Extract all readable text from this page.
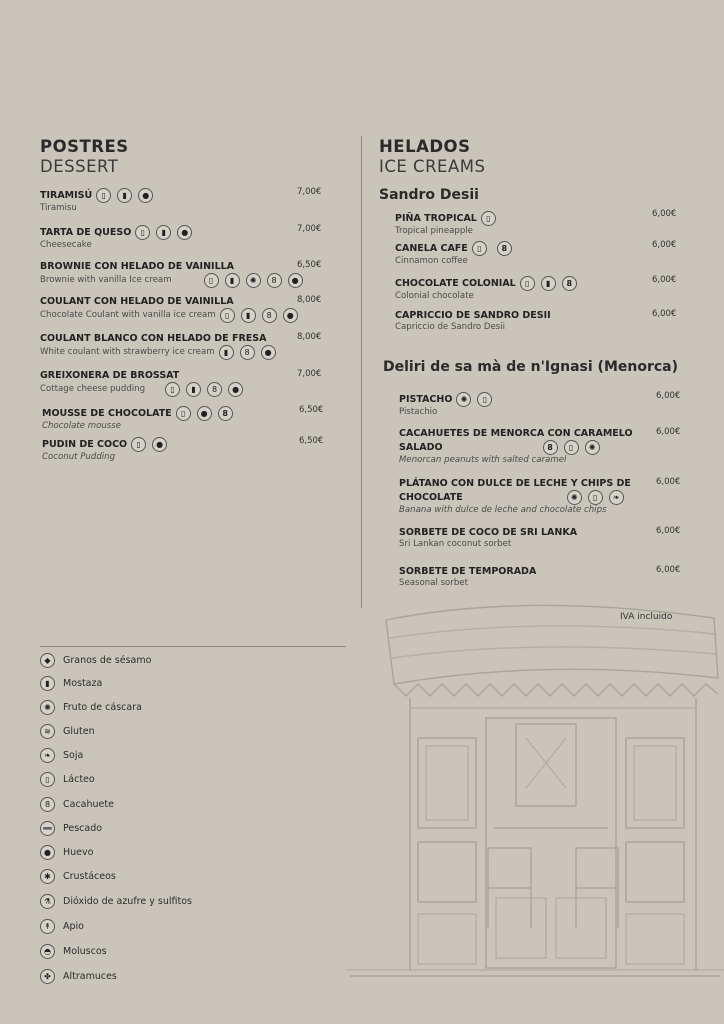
POSTRES
DESSERT
TIRAMISÚ	▯	▮	●
Tiramisu
7,00€
TARTA DE QUESO	▯	▮	●
Cheesecake
7,00€
BROWNIE CON HELADO DE VAINILLA
Brownie with vanilla Ice cream	▯	▮	✺	8	●
6,50€
COULANT CON HELADO DE VAINILLA
Chocolate Coulant with vanilla ice cream	▯	▮	8	●
8,00€
COULANT BLANCO CON HELADO DE FRESA
White coulant with strawberry ice cream	▮	8	●
8,00€
GREIXONERA DE BROSSAT
Cottage cheese pudding	▯	▮	8	●
7,00€
MOUSSE DE CHOCOLATE	▯	●	8
Chocolate mousse
6,50€
PUDIN DE COCO	▯	●
Coconut Pudding
6,50€
HELADOS
ICE CREAMS
Sandro Desii
PIÑA TROPICAL	▯
Tropical pineapple
6,00€
CANELA CAFE	▯	8
Cinnamon coffee
6,00€
CHOCOLATE COLONIAL	▯	▮	8
Colonial chocolate
6,00€
CAPRICCIO DE SANDRO DESII
Capriccio de Sandro Desii
6,00€
Deliri de sa mà de n'Ignasi (Menorca)
PISTACHO	✺	▯
Pistachio
6,00€
CACAHUETES DE MENORCA CON CARAMELO
SALADO	8	▯	✺
Menorcan peanuts with salted caramel
6,00€
PLÁTANO CON DULCE DE LECHE Y CHIPS DE
CHOCOLATE	✺	▯	❧
Banana with dulce de leche and chocolate chips
6,00€
SORBETE DE COCO DE SRI LANKA
Sri Lankan coconut sorbet
6,00€
SORBETE DE TEMPORADA
Seasonal sorbet
6,00€
IVA incluido
◆	Granos de sésamo
▮	Mostaza
✺	Fruto de cáscara
≋	Gluten
❧	Soja
▯	Lácteo
8	Cacahuete
➖ Pescado
●	Huevo
✱	Crustáceos
⚗	Dióxido de azufre y sulfitos
↟	Apio
◓	Moluscos
✤	Altramuces
